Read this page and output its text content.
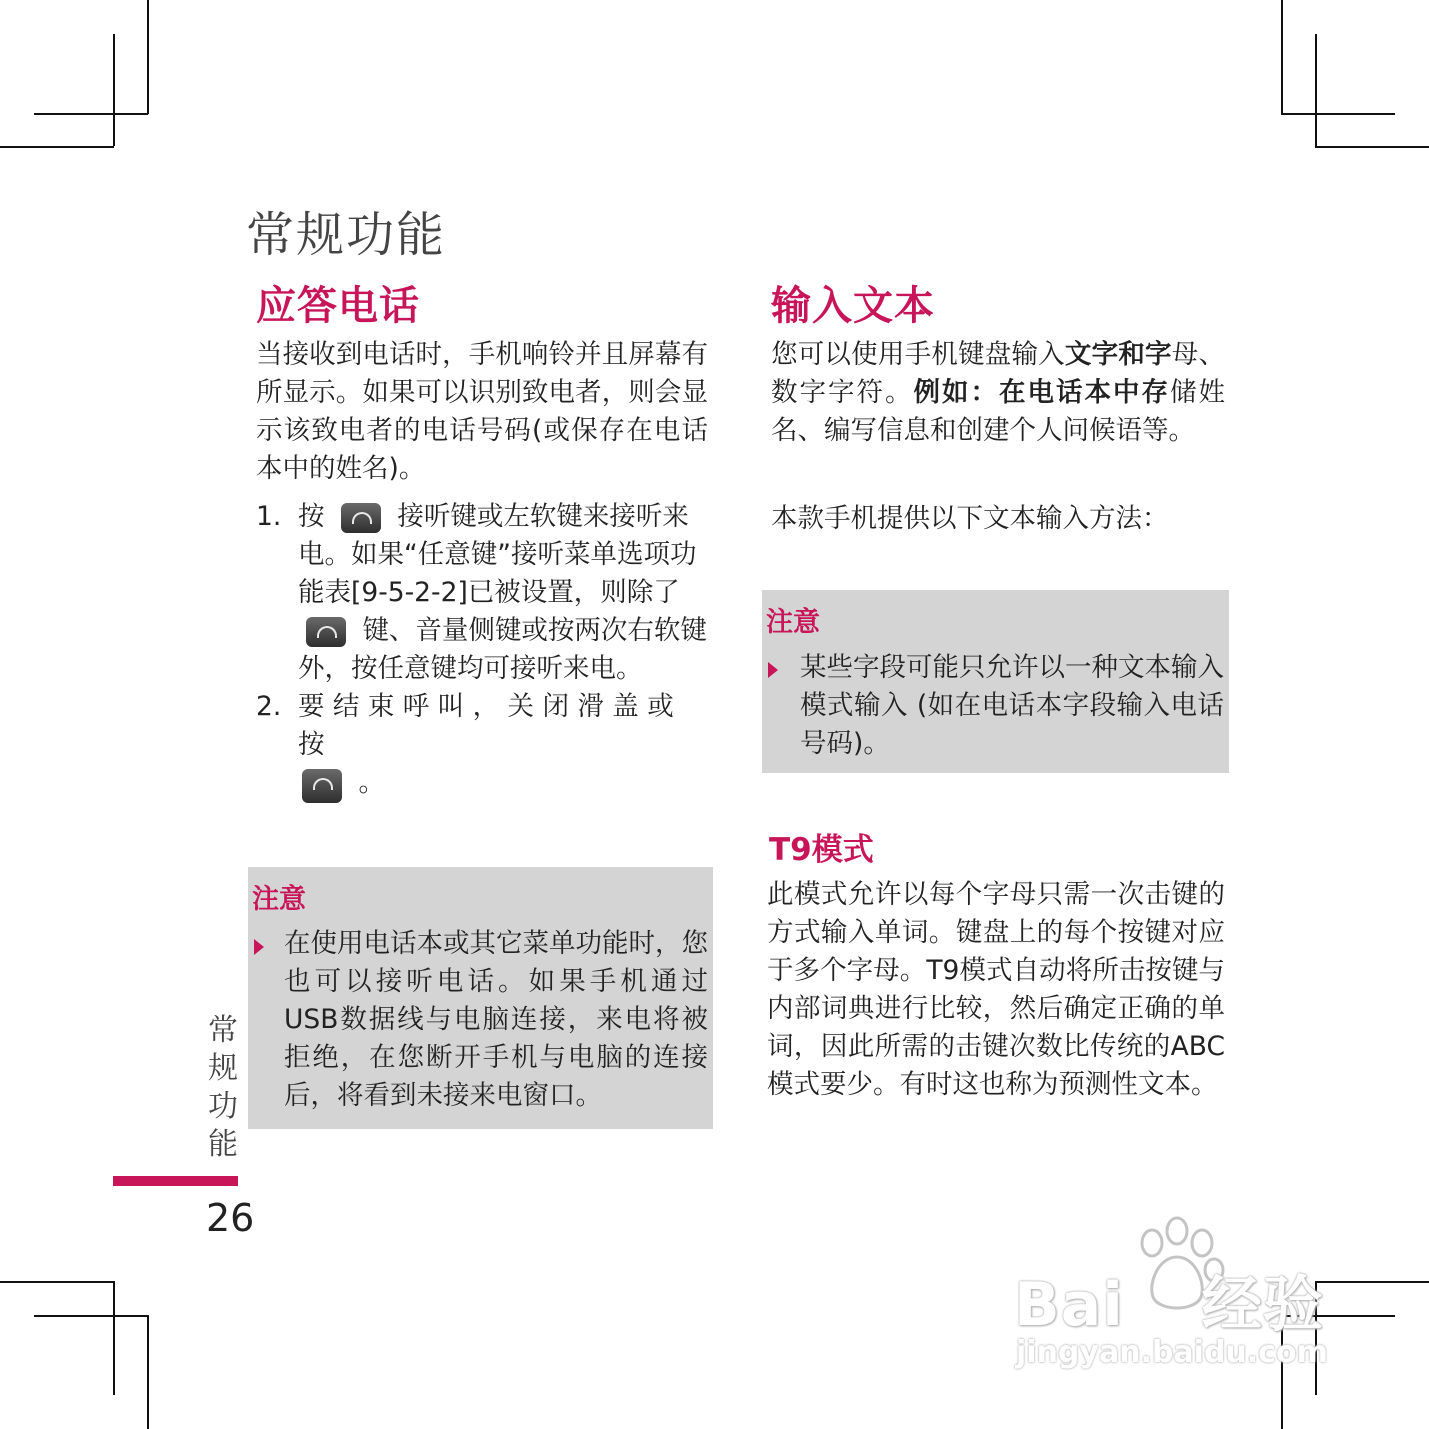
常规功能
应答电话

当接收到电话时，手机响铃并且屏幕有所显示。如果可以识别致电者，则会显示该致电者的电话号码(或保存在电话本中的姓名)。

1. 按	接听键或左软键来接听来电。如果“任意键”接听菜单选项功能表[9-5-2-2]已被设置，则除了  键、音量侧键或按两次右软键外，按任意键均可接听来电。
2. 要 结 束 呼 叫 ， 关 闭 滑 盖 或 按
。
注意

在使用电话本或其它菜单功能时，您也可以接听电话。如果手机通过USB数据线与电脑连接，来电将被拒绝，在您断开手机与电脑的连接后，将看到未接来电窗口。

输入文本

您可以使用手机键盘输入文字和字母、数字字符。例如：在电话本中存储姓名、编写信息和创建个人问候语等。

本款手机提供以下文本输入方法：

注意

某些字段可能只允许以一种文本输入模式输入 (如在电话本字段输入电话号码)。

T9模式

此模式允许以每个字母只需一次击键的方式输入单词。键盘上的每个按键对应于多个字母。T9模式自动将所击按键与内部词典进行比较，然后确定正确的单词，因此所需的击键次数比传统的ABC模式要少。有时这也称为预测性文本。

常
规
功
能
26
Bai 经验
jingyan.baidu.com
